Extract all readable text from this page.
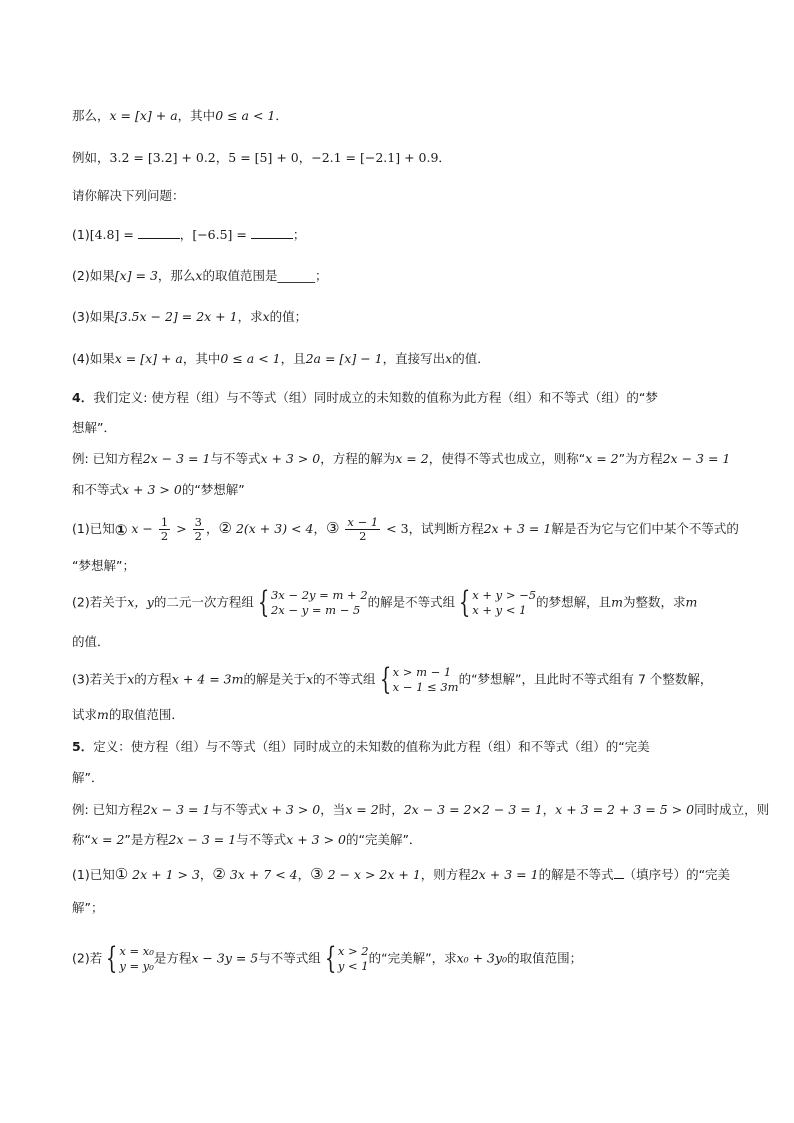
那么，x = [x] + a，其中0 ≤ a < 1．
例如，3.2 = [3.2] + 0.2，5 = [5] + 0，−2.1 = [−2.1] + 0.9．
请你解决下列问题：
(1)[4.8] =	，[−6.5] =	；
(2)如果[x] = 3，那么x的取值范围是______；
(3)如果[3.5x − 2] = 2x + 1，求x的值；
(4)如果x = [x] + a，其中0 ≤ a < 1，且2a = [x] − 1，直接写出x的值．
4．我们定义: 使方程（组）与不等式（组）同时成立的未知数的值称为此方程（组）和不等式（组）的“梦
想解”．
例: 已知方程2x − 3 = 1与不等式x + 3 > 0，方程的解为x = 2，使得不等式也成立，则称“x = 2”为方程2x − 3 = 1
和不等式x + 3 > 0的“梦想解”
(1)已知① $x - \frac{1}{2} > \frac{3}{2}$ ，② 2(x + 3) < 4，③ $\frac{x - 1}{2} < 3$，试判断方程2x + 3 = 1解是否为它与它们中某个不等式的
“梦想解”；
(2)若关于x，y的二元一次方程组 { 3x − 2y = m + 2
2x − y = m − 5
的解是不等式组 { x + y > −5
x + y < 1
的梦想解，且m为整数，求m
的值．
(3)若关于x的方程x + 4 = 3m的解是关于x的不等式组 { x > m − 1
x − 1 ≤ 3m
的“梦想解”，且此时不等式组有 7 个整数解，
试求m的取值范围．
5．定义：使方程（组）与不等式（组）同时成立的未知数的值称为此方程（组）和不等式（组）的“完美
解”．
例: 已知方程2x − 3 = 1与不等式x + 3 > 0，当x = 2时，2x − 3 = 2×2 − 3 = 1，x + 3 = 2 + 3 = 5 > 0同时成立，则
称“x = 2”是方程2x − 3 = 1与不等式x + 3 > 0的“完美解”．
(1)已知① 2x + 1 > 3，② 3x + 7 < 4，③ 2 − x > 2x + 1，则方程2x + 3 = 1的解是不等式 （填序号）的“完美
解”；
(2)若 { x = x₀
y = y₀
是方程x − 3y = 5与不等式组 { x > 2
y < 1
的“完美解”，求x₀ + 3y₀的取值范围；
